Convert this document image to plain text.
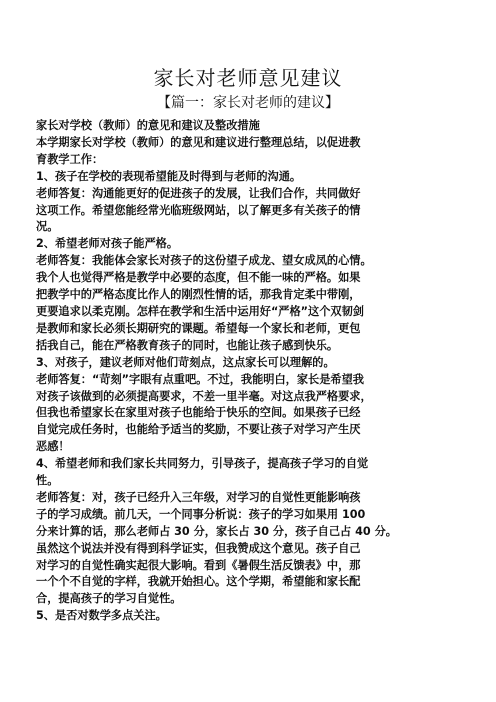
家长对老师意见建议
【篇一：家长对老师的建议】
家长对学校（教师）的意见和建议及整改措施
本学期家长对学校（教师）的意见和建议进行整理总结，以促进教
育教学工作：
1、孩子在学校的表现希望能及时得到与老师的沟通。
老师答复：沟通能更好的促进孩子的发展，让我们合作，共同做好
这项工作。希望您能经常光临班级网站，以了解更多有关孩子的情
况。
2、希望老师对孩子能严格。
老师答复：我能体会家长对孩子的这份望子成龙、望女成凤的心情。
我个人也觉得严格是教学中必要的态度，但不能一味的严格。如果
把教学中的严格态度比作人的刚烈性情的话，那我肯定柔中带刚，
更要追求以柔克刚。怎样在教学和生活中运用好“严格”这个双韧剑
是教师和家长必须长期研究的课题。希望每一个家长和老师，更包
括我自己，能在严格教育孩子的同时，也能让孩子感到快乐。
3、对孩子，建议老师对他们苛刻点，这点家长可以理解的。
老师答复：“苛刻”字眼有点重吧。不过，我能明白，家长是希望我
对孩子该做到的必须提高要求，不差一里半毫。对这点我严格要求，
但我也希望家长在家里对孩子也能给于快乐的空间。如果孩子已经
自觉完成任务时，也能给予适当的奖励，不要让孩子对学习产生厌
恶感！
4、希望老师和我们家长共同努力，引导孩子，提高孩子学习的自觉
性。
老师答复：对，孩子已经升入三年级，对学习的自觉性更能影响孩
子的学习成绩。前几天，一个同事分析说：孩子的学习如果用 100
分来计算的话，那么老师占 30 分，家长占 30 分，孩子自己占 40 分。
虽然这个说法并没有得到科学证实，但我赞成这个意见。孩子自己
对学习的自觉性确实起很大影响。看到《暑假生活反馈表》中，那
一个个不自觉的字样，我就开始担心。这个学期，希望能和家长配
合，提高孩子的学习自觉性。
5、是否对数学多点关注。
